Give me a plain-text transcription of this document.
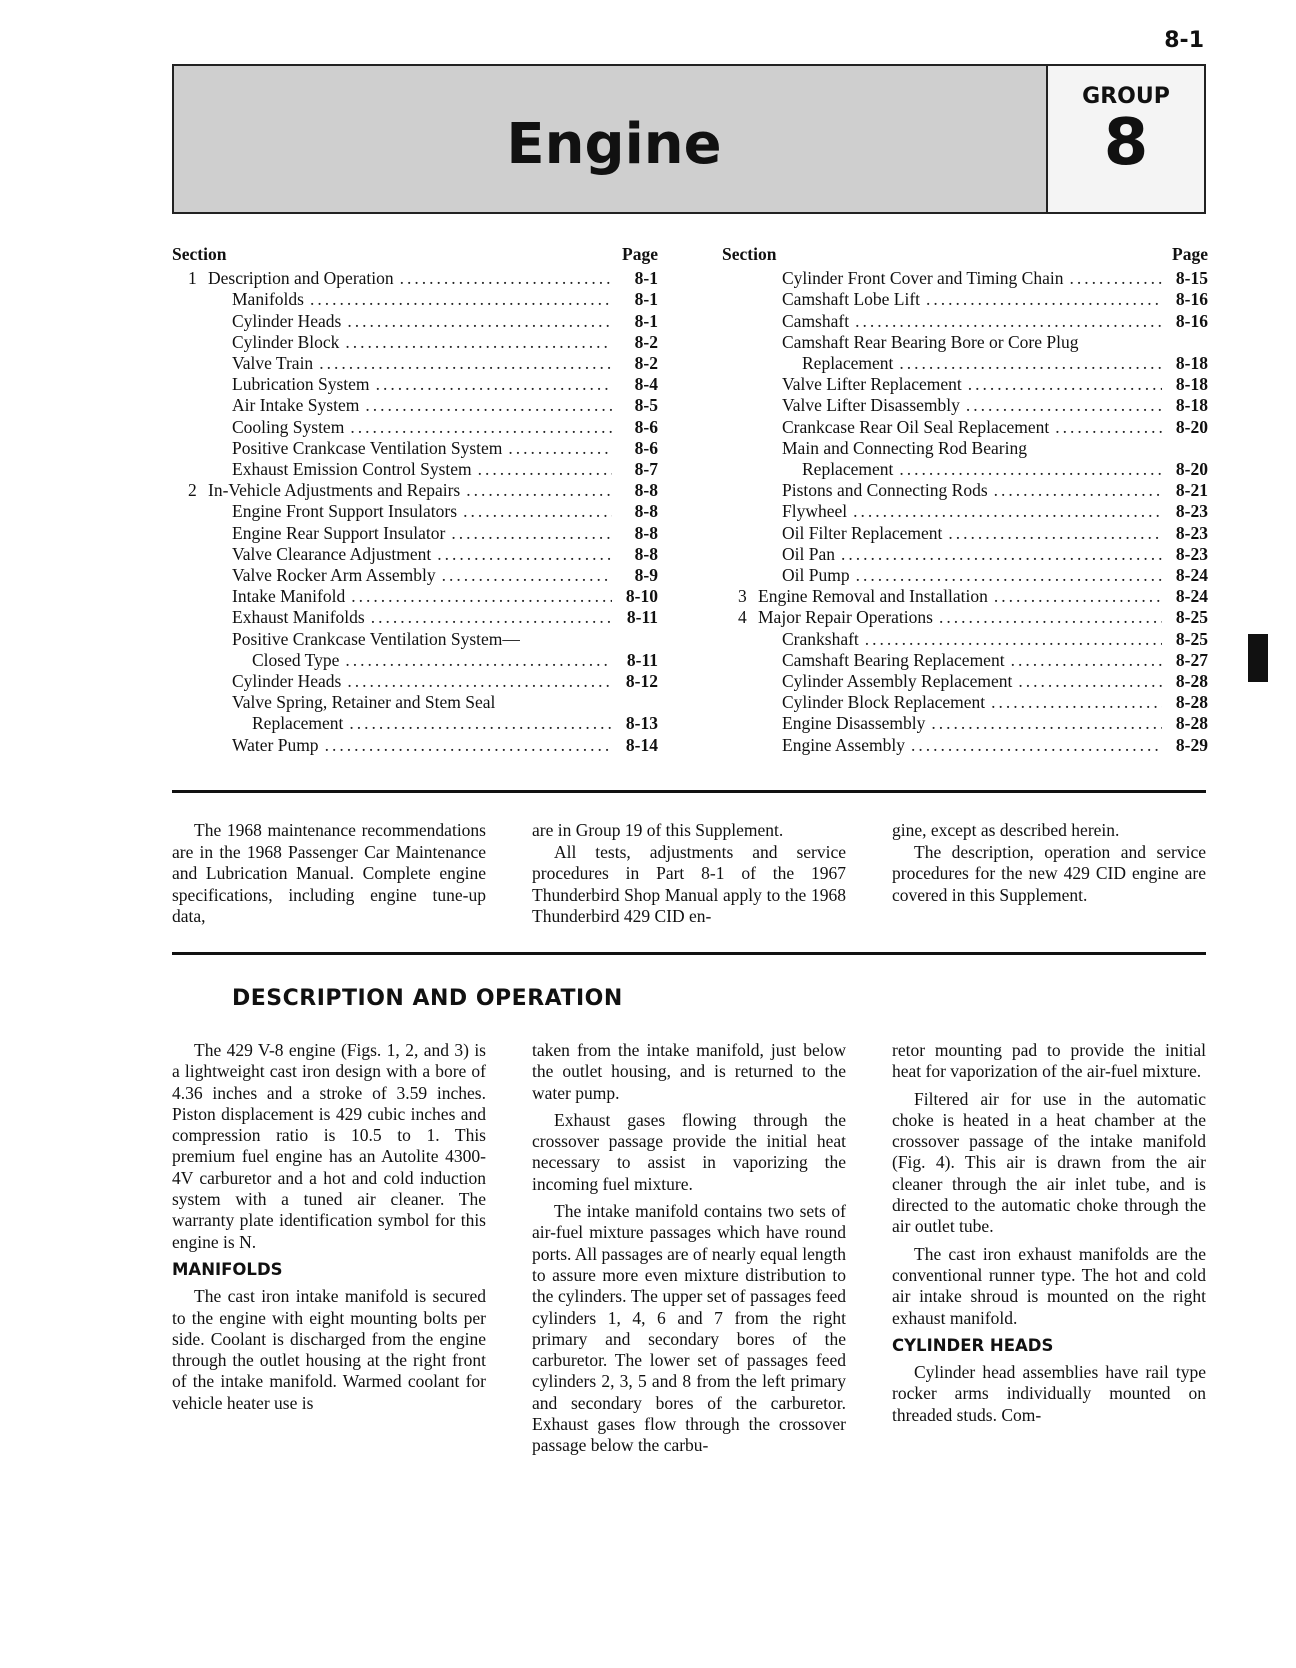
8-1
Engine
GROUP
8
Section	Page
1 Description and Operation .....	8-1
Manifolds .....	8-1
Cylinder Heads .....	8-1
Cylinder Block .....	8-2
Valve Train .....	8-2
Lubrication System .....	8-4
Air Intake System .....	8-5
Cooling System .....	8-6
Positive Crankcase Ventilation System .....	8-6
Exhaust Emission Control System .....	8-7
2 In-Vehicle Adjustments and Repairs .....	8-8
Engine Front Support Insulators .....	8-8
Engine Rear Support Insulator .....	8-8
Valve Clearance Adjustment .....	8-8
Valve Rocker Arm Assembly .....	8-9
Intake Manifold .....	8-10
Exhaust Manifolds .....	8-11
Positive Crankcase Ventilation System—
Closed Type .....	8-11
Cylinder Heads .....	8-12
Valve Spring, Retainer and Stem Seal
Replacement .....	8-13
Water Pump .....	8-14
Section	Page
Cylinder Front Cover and Timing Chain .....	8-15
Camshaft Lobe Lift .....	8-16
Camshaft .....	8-16
Camshaft Rear Bearing Bore or Core Plug
Replacement .....	8-18
Valve Lifter Replacement .....	8-18
Valve Lifter Disassembly .....	8-18
Crankcase Rear Oil Seal Replacement .....	8-20
Main and Connecting Rod Bearing
Replacement .....	8-20
Pistons and Connecting Rods .....	8-21
Flywheel .....	8-23
Oil Filter Replacement .....	8-23
Oil Pan .....	8-23
Oil Pump .....	8-24
3 Engine Removal and Installation .....	8-24
4 Major Repair Operations .....	8-25
Crankshaft .....	8-25
Camshaft Bearing Replacement .....	8-27
Cylinder Assembly Replacement .....	8-28
Cylinder Block Replacement .....	8-28
Engine Disassembly .....	8-28
Engine Assembly .....	8-29

The 1968 maintenance recommendations are in the 1968 Passenger Car Maintenance and Lubrication Manual. Complete engine specifications, including engine tune-up data,

are in Group 19 of this Supplement.

All tests, adjustments and service procedures in Part 8-1 of the 1967 Thunderbird Shop Manual apply to the 1968 Thunderbird 429 CID en-

gine, except as described herein.

The description, operation and service procedures for the new 429 CID engine are covered in this Supplement.

DESCRIPTION AND OPERATION

The 429 V-8 engine (Figs. 1, 2, and 3) is a lightweight cast iron design with a bore of 4.36 inches and a stroke of 3.59 inches. Piston displacement is 429 cubic inches and compression ratio is 10.5 to 1. This premium fuel engine has an Autolite 4300-4V carburetor and a hot and cold induction system with a tuned air cleaner. The warranty plate identification symbol for this engine is N.

MANIFOLDS

The cast iron intake manifold is secured to the engine with eight mounting bolts per side. Coolant is discharged from the engine through the outlet housing at the right front of the intake manifold. Warmed coolant for vehicle heater use is

taken from the intake manifold, just below the outlet housing, and is returned to the water pump.

Exhaust gases flowing through the crossover passage provide the initial heat necessary to assist in vaporizing the incoming fuel mixture.

The intake manifold contains two sets of air-fuel mixture passages which have round ports. All passages are of nearly equal length to assure more even mixture distribution to the cylinders. The upper set of passages feed cylinders 1, 4, 6 and 7 from the right primary and secondary bores of the carburetor. The lower set of passages feed cylinders 2, 3, 5 and 8 from the left primary and secondary bores of the carburetor. Exhaust gases flow through the crossover passage below the carbu-

retor mounting pad to provide the initial heat for vaporization of the air-fuel mixture.

Filtered air for use in the automatic choke is heated in a heat chamber at the crossover passage of the intake manifold (Fig. 4). This air is drawn from the air cleaner through the air inlet tube, and is directed to the automatic choke through the air outlet tube.

The cast iron exhaust manifolds are the conventional runner type. The hot and cold air intake shroud is mounted on the right exhaust manifold.

CYLINDER HEADS

Cylinder head assemblies have rail type rocker arms individually mounted on threaded studs. Com-
